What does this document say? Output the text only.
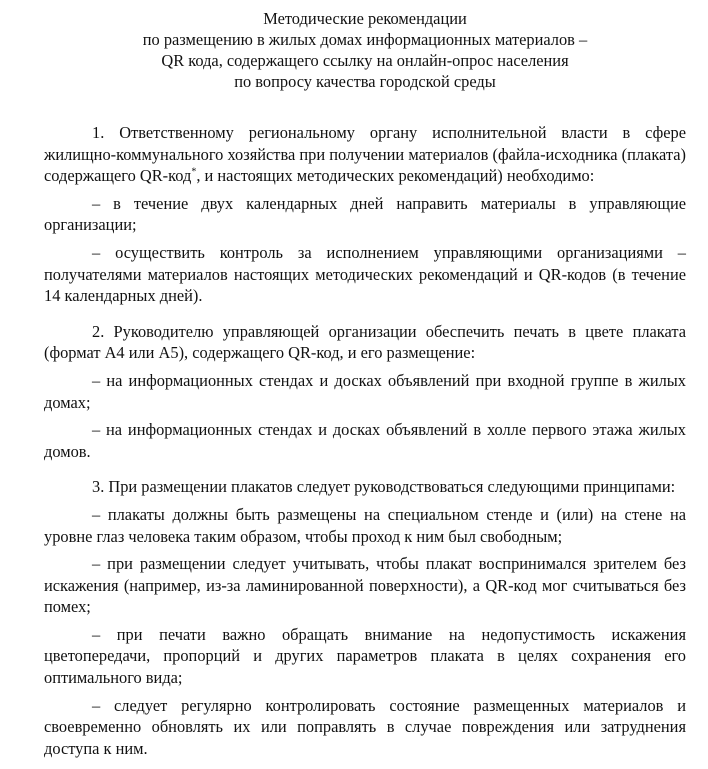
Методические рекомендации
по размещению в жилых домах информационных материалов –
QR кода, содержащего ссылку на онлайн-опрос населения
по вопросу качества городской среды

1. Ответственному региональному органу исполнительной власти в сфере жилищно-коммунального хозяйства при получении материалов (файла-исходника (плаката) содержащего QR-код*, и настоящих методических рекомендаций) необходимо:

– в течение двух календарных дней направить материалы в управляющие организации;

– осуществить контроль за исполнением управляющими организациями – получателями материалов настоящих методических рекомендаций и QR-кодов (в течение 14 календарных дней).

2. Руководителю управляющей организации обеспечить печать в цвете плаката (формат А4 или А5), содержащего QR-код, и его размещение:

– на информационных стендах и досках объявлений при входной группе в жилых домах;

– на информационных стендах и досках объявлений в холле первого этажа жилых домов.

3. При размещении плакатов следует руководствоваться следующими принципами:

– плакаты должны быть размещены на специальном стенде и (или) на стене на уровне глаз человека таким образом, чтобы проход к ним был свободным;

– при размещении следует учитывать, чтобы плакат воспринимался зрителем без искажения (например, из-за ламинированной поверхности), а QR-код мог считываться без помех;

– при печати важно обращать внимание на недопустимость искажения цветопередачи, пропорций и других параметров плаката в целях сохранения его оптимального вида;

– следует регулярно контролировать состояние размещенных материалов и своевременно обновлять их или поправлять в случае повреждения или затруднения доступа к ним.
